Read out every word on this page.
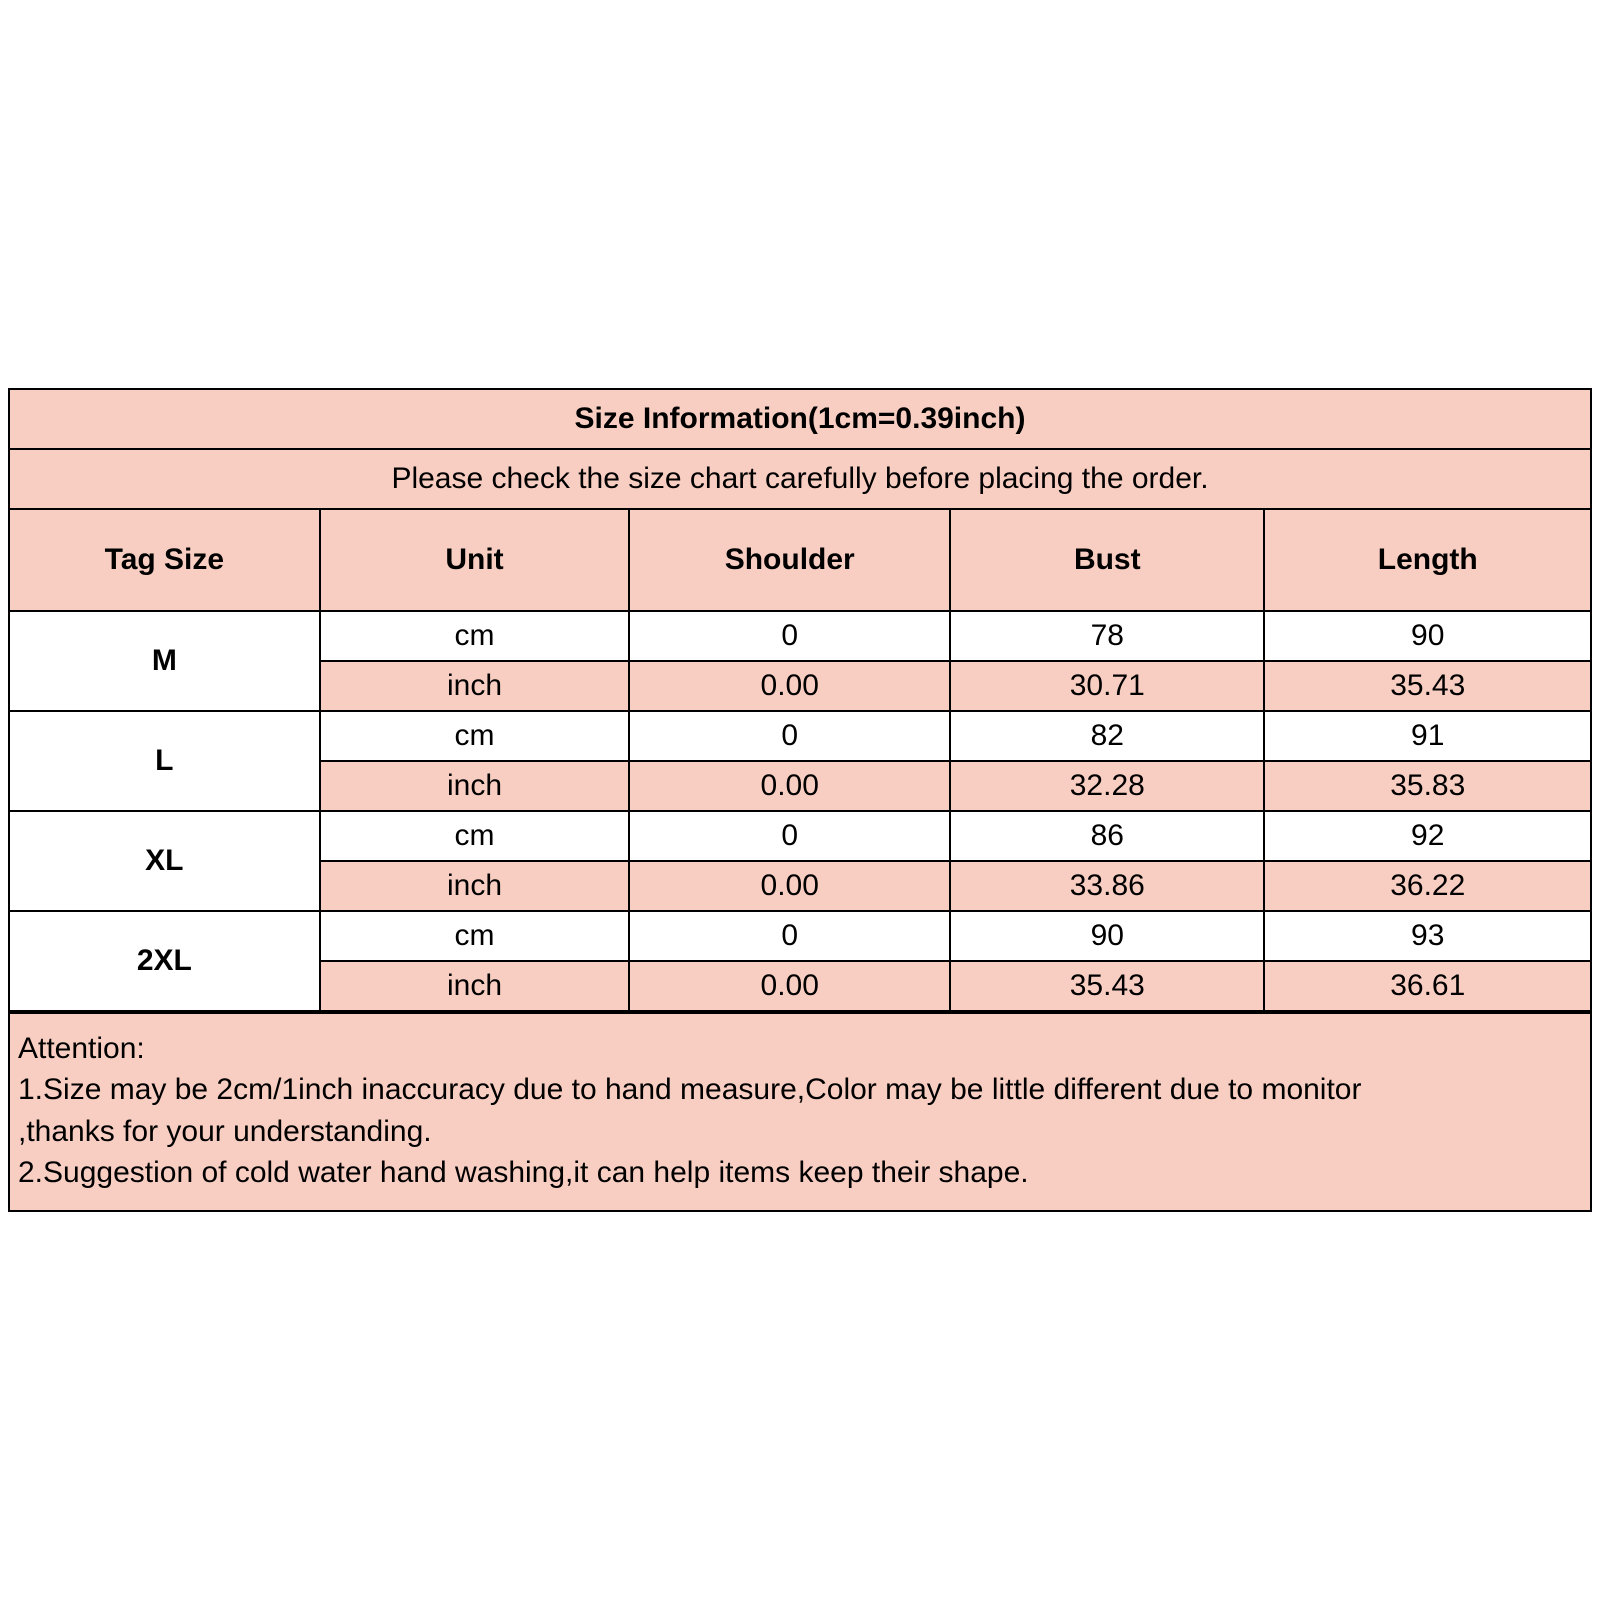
Size Information(1cm=0.39inch)				
Please check the size chart carefully before placing the order.				
Tag Size	Unit	Shoulder	Bust	Length
M	cm	0	78	90
	inch	0.00	30.71	35.43
L	cm	0	82	91
	inch	0.00	32.28	35.83
XL	cm	0	86	92
	inch	0.00	33.86	36.22
2XL	cm	0	90	93
	inch	0.00	35.43	36.61
Attention:
1.Size may be 2cm/1inch inaccuracy due to hand measure,Color may be little different due to monitor
,thanks for your understanding.
2.Suggestion of cold water hand washing,it can help items keep their shape.
